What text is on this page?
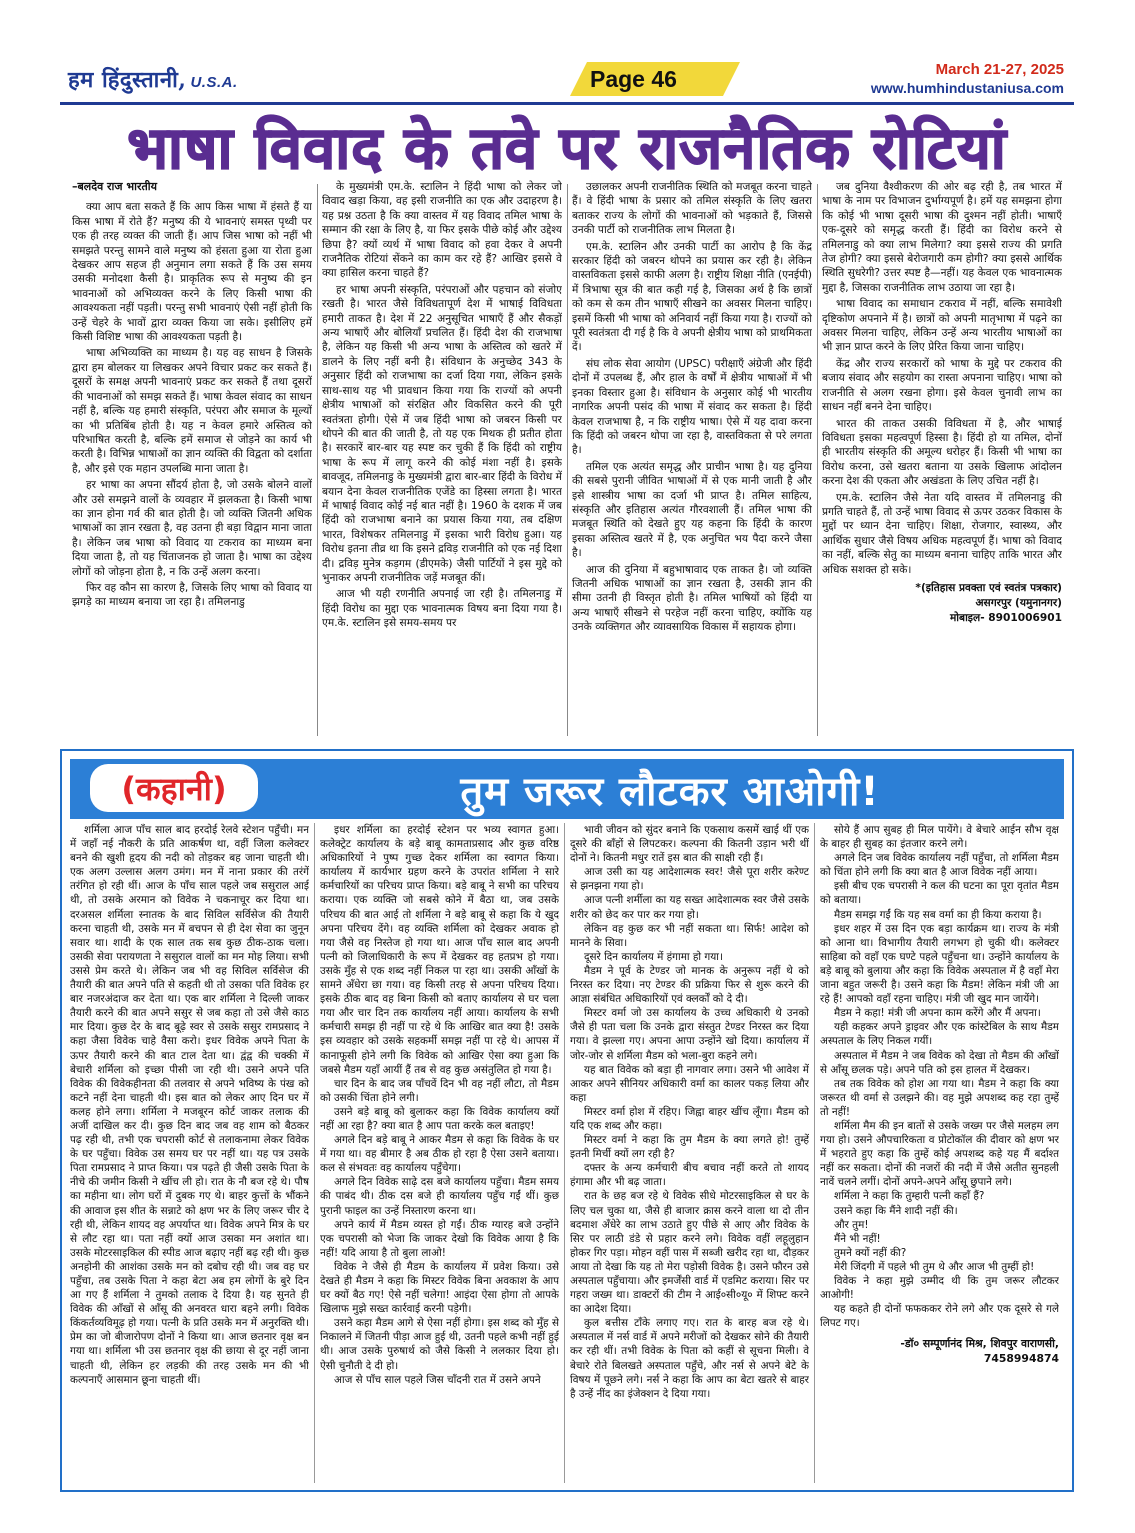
हम हिंदुस्तानी, U.S.A.	Page 46	March 21-27, 2025
www.humhindustaniusa.com
भाषा विवाद के तवे पर राजनैतिक रोटियां
–बलदेव राज भारतीय

क्या आप बता सकते हैं कि आप किस भाषा में हंसते हैं या किस भाषा में रोते हैं? मनुष्य की ये भावनाएं समस्त पृथ्वी पर एक ही तरह व्यक्त की जाती हैं। आप जिस भाषा को नहीं भी समझते परन्तु सामने वाले मनुष्य को हंसता हुआ या रोता हुआ देखकर आप सहज ही अनुमान लगा सकते हैं कि उस समय उसकी मनोदशा कैसी है। प्राकृतिक रूप से मनुष्य की इन भावनाओं को अभिव्यक्त करने के लिए किसी भाषा की आवश्यकता नहीं पड़ती। परन्तु सभी भावनाएं ऐसी नहीं होती कि उन्हें चेहरे के भावों द्वारा व्यक्त किया जा सके। इसीलिए हमें किसी विशिष्ट भाषा की आवश्यकता पड़ती है।

भाषा अभिव्यक्ति का माध्यम है। यह वह साधन है जिसके द्वारा हम बोलकर या लिखकर अपने विचार प्रकट कर सकते हैं। दूसरों के समक्ष अपनी भावनाएं प्रकट कर सकते हैं तथा दूसरों की भावनाओं को समझ सकते हैं। भाषा केवल संवाद का साधन नहीं है, बल्कि यह हमारी संस्कृति, परंपरा और समाज के मूल्यों का भी प्रतिबिंब होती है। यह न केवल हमारे अस्तित्व को परिभाषित करती है, बल्कि हमें समाज से जोड़ने का कार्य भी करती है। विभिन्न भाषाओं का ज्ञान व्यक्ति की विद्वता को दर्शाता है, और इसे एक महान उपलब्धि माना जाता है।

हर भाषा का अपना सौंदर्य होता है, जो उसके बोलने वालों और उसे समझने वालों के व्यवहार में झलकता है। किसी भाषा का ज्ञान होना गर्व की बात होती है। जो व्यक्ति जितनी अधिक भाषाओं का ज्ञान रखता है, वह उतना ही बड़ा विद्वान माना जाता है। लेकिन जब भाषा को विवाद या टकराव का माध्यम बना दिया जाता है, तो यह चिंताजनक हो जाता है। भाषा का उद्देश्य लोगों को जोड़ना होता है, न कि उन्हें अलग करना।

फिर वह कौन सा कारण है, जिसके लिए भाषा को विवाद या झगड़े का माध्यम बनाया जा रहा है। तमिलनाडु

के मुख्यमंत्री एम.के. स्टालिन ने हिंदी भाषा को लेकर जो विवाद खड़ा किया, वह इसी राजनीति का एक और उदाहरण है। यह प्रश्न उठता है कि क्या वास्तव में यह विवाद तमिल भाषा के सम्मान की रक्षा के लिए है, या फिर इसके पीछे कोई और उद्देश्य छिपा है? क्यों व्यर्थ में भाषा विवाद को हवा देकर वे अपनी राजनैतिक रोटियां सेंकने का काम कर रहे हैं? आखिर इससे वे क्या हासिल करना चाहते हैं?

हर भाषा अपनी संस्कृति, परंपराओं और पहचान को संजोए रखती है। भारत जैसे विविधतापूर्ण देश में भाषाई विविधता हमारी ताकत है। देश में 22 अनुसूचित भाषाएँ हैं और सैकड़ों अन्य भाषाएँ और बोलियाँ प्रचलित हैं। हिंदी देश की राजभाषा है, लेकिन यह किसी भी अन्य भाषा के अस्तित्व को खतरे में डालने के लिए नहीं बनी है। संविधान के अनुच्छेद 343 के अनुसार हिंदी को राजभाषा का दर्जा दिया गया, लेकिन इसके साथ-साथ यह भी प्रावधान किया गया कि राज्यों को अपनी क्षेत्रीय भाषाओं को संरक्षित और विकसित करने की पूरी स्वतंत्रता होगी। ऐसे में जब हिंदी भाषा को जबरन किसी पर थोपने की बात की जाती है, तो यह एक मिथक ही प्रतीत होता है। सरकारें बार-बार यह स्पष्ट कर चुकी हैं कि हिंदी को राष्ट्रीय भाषा के रूप में लागू करने की कोई मंशा नहीं है। इसके बावजूद, तमिलनाडु के मुख्यमंत्री द्वारा बार-बार हिंदी के विरोध में बयान देना केवल राजनीतिक एजेंडे का हिस्सा लगता है। भारत में भाषाई विवाद कोई नई बात नहीं है। 1960 के दशक में जब हिंदी को राजभाषा बनाने का प्रयास किया गया, तब दक्षिण भारत, विशेषकर तमिलनाडु में इसका भारी विरोध हुआ। यह विरोध इतना तीव्र था कि इसने द्रविड़ राजनीति को एक नई दिशा दी। द्रविड़ मुनेत्र कड़गम (डीएमके) जैसी पार्टियों ने इस मुद्दे को भुनाकर अपनी राजनीतिक जड़ें मजबूत कीं।

आज भी यही रणनीति अपनाई जा रही है। तमिलनाडु में हिंदी विरोध का मुद्दा एक भावनात्मक विषय बना दिया गया है। एम.के. स्टालिन इसे समय-समय पर

उछालकर अपनी राजनीतिक स्थिति को मजबूत करना चाहते हैं। वे हिंदी भाषा के प्रसार को तमिल संस्कृति के लिए खतरा बताकर राज्य के लोगों की भावनाओं को भड़काते हैं, जिससे उनकी पार्टी को राजनीतिक लाभ मिलता है।

एम.के. स्टालिन और उनकी पार्टी का आरोप है कि केंद्र सरकार हिंदी को जबरन थोपने का प्रयास कर रही है। लेकिन वास्तविकता इससे काफी अलग है। राष्ट्रीय शिक्षा नीति (एनईपी) में त्रिभाषा सूत्र की बात कही गई है, जिसका अर्थ है कि छात्रों को कम से कम तीन भाषाएँ सीखने का अवसर मिलना चाहिए। इसमें किसी भी भाषा को अनिवार्य नहीं किया गया है। राज्यों को पूरी स्वतंत्रता दी गई है कि वे अपनी क्षेत्रीय भाषा को प्राथमिकता दें।

संघ लोक सेवा आयोग (UPSC) परीक्षाएँ अंग्रेजी और हिंदी दोनों में उपलब्ध हैं, और हाल के वर्षों में क्षेत्रीय भाषाओं में भी इनका विस्तार हुआ है। संविधान के अनुसार कोई भी भारतीय नागरिक अपनी पसंद की भाषा में संवाद कर सकता है। हिंदी केवल राजभाषा है, न कि राष्ट्रीय भाषा। ऐसे में यह दावा करना कि हिंदी को जबरन थोपा जा रहा है, वास्तविकता से परे लगता है।

तमिल एक अत्यंत समृद्ध और प्राचीन भाषा है। यह दुनिया की सबसे पुरानी जीवित भाषाओं में से एक मानी जाती है और इसे शास्त्रीय भाषा का दर्जा भी प्राप्त है। तमिल साहित्य, संस्कृति और इतिहास अत्यंत गौरवशाली हैं। तमिल भाषा की मजबूत स्थिति को देखते हुए यह कहना कि हिंदी के कारण इसका अस्तित्व खतरे में है, एक अनुचित भय पैदा करने जैसा है।

आज की दुनिया में बहुभाषावाद एक ताकत है। जो व्यक्ति जितनी अधिक भाषाओं का ज्ञान रखता है, उसकी ज्ञान की सीमा उतनी ही विस्तृत होती है। तमिल भाषियों को हिंदी या अन्य भाषाएँ सीखने से परहेज नहीं करना चाहिए, क्योंकि यह उनके व्यक्तिगत और व्यावसायिक विकास में सहायक होगा।

जब दुनिया वैश्वीकरण की ओर बढ़ रही है, तब भारत में भाषा के नाम पर विभाजन दुर्भाग्यपूर्ण है। हमें यह समझना होगा कि कोई भी भाषा दूसरी भाषा की दुश्मन नहीं होती। भाषाएँ एक-दूसरे को समृद्ध करती हैं। हिंदी का विरोध करने से तमिलनाडु को क्या लाभ मिलेगा? क्या इससे राज्य की प्रगति तेज होगी? क्या इससे बेरोजगारी कम होगी? क्या इससे आर्थिक स्थिति सुधरेगी? उत्तर स्पष्ट है—नहीं। यह केवल एक भावनात्मक मुद्दा है, जिसका राजनीतिक लाभ उठाया जा रहा है।

भाषा विवाद का समाधान टकराव में नहीं, बल्कि समावेशी दृष्टिकोण अपनाने में है। छात्रों को अपनी मातृभाषा में पढ़ने का अवसर मिलना चाहिए, लेकिन उन्हें अन्य भारतीय भाषाओं का भी ज्ञान प्राप्त करने के लिए प्रेरित किया जाना चाहिए।

केंद्र और राज्य सरकारों को भाषा के मुद्दे पर टकराव की बजाय संवाद और सहयोग का रास्ता अपनाना चाहिए। भाषा को राजनीति से अलग रखना होगा। इसे केवल चुनावी लाभ का साधन नहीं बनने देना चाहिए।

भारत की ताकत उसकी विविधता में है, और भाषाई विविधता इसका महत्वपूर्ण हिस्सा है। हिंदी हो या तमिल, दोनों ही भारतीय संस्कृति की अमूल्य धरोहर हैं। किसी भी भाषा का विरोध करना, उसे खतरा बताना या उसके खिलाफ आंदोलन करना देश की एकता और अखंडता के लिए उचित नहीं है।

एम.के. स्टालिन जैसे नेता यदि वास्तव में तमिलनाडु की प्रगति चाहते हैं, तो उन्हें भाषा विवाद से ऊपर उठकर विकास के मुद्दों पर ध्यान देना चाहिए। शिक्षा, रोजगार, स्वास्थ्य, और आर्थिक सुधार जैसे विषय अधिक महत्वपूर्ण हैं। भाषा को विवाद का नहीं, बल्कि सेतु का माध्यम बनाना चाहिए ताकि भारत और अधिक सशक्त हो सके।

*(इतिहास प्रवक्ता एवं स्वतंत्र पत्रकार)
असगरपुर (यमुनानगर)
मोबाइल- 8901006901
(कहानी)	तुम जरूर लौटकर आओगी!

शर्मिला आज पाँच साल बाद हरदोई रेलवे स्टेशन पहुँची। मन में जहाँ नई नौकरी के प्रति आकर्षण था, वहीं जिला कलेक्टर बनने की खुशी हृदय की नदी को तोड़कर बह जाना चाहती थी। एक अलग उल्लास अलग उमंग। मन में नाना प्रकार की तरंगें तरंगित हो रही थीं। आज के पाँच साल पहले जब ससुराल आई थी, तो उसके अरमान को विवेक ने चकनाचूर कर दिया था। दरअसल शर्मिला स्नातक के बाद सिविल सर्विसेज की तैयारी करना चाहती थी, उसके मन में बचपन से ही देश सेवा का जुनून सवार था। शादी के एक साल तक सब कुछ ठीक-ठाक चला। उसकी सेवा परायणता ने ससुराल वालों का मन मोह लिया। सभी उससे प्रेम करते थे। लेकिन जब भी वह सिविल सर्विसेज की तैयारी की बात अपने पति से कहती थी तो उसका पति विवेक हर बार नजरअंदाज कर देता था। एक बार शर्मिला ने दिल्ली जाकर तैयारी करने की बात अपने ससुर से जब कहा तो उसे जैसे काठ मार दिया। कुछ देर के बाद बूढ़े स्वर से उसके ससुर रामप्रसाद ने कहा जैसा विवेक चाहे वैसा करो। इधर विवेक अपने पिता के ऊपर तैयारी करने की बात टाल देता था। द्वंद्व की चक्की में बेचारी शर्मिला को इच्छा पीसी जा रही थी। उसने अपने पति विवेक की विवेकहीनता की तलवार से अपने भविष्य के पंख को कटने नहीं देना चाहती थी। इस बात को लेकर आए दिन घर में कलह होने लगा। शर्मिला ने मजबूरन कोर्ट जाकर तलाक की अर्जी दाखिल कर दी। कुछ दिन बाद जब वह शाम को बैठकर पढ़ रही थी, तभी एक चपरासी कोर्ट से तलाकनामा लेकर विवेक के घर पहुँचा। विवेक उस समय घर पर नहीं था। यह पत्र उसके पिता रामप्रसाद ने प्राप्त किया। पत्र पढ़ते ही जैसी उसके पिता के नीचे की जमीन किसी ने खींच ली हो। रात के नौ बज रहे थे। पौष का महीना था। लोग घरों में दुबक गए थे। बाहर कुत्तों के भौंकने की आवाज इस शीत के सन्नाटे को क्षण भर के लिए जरूर चीर दे रही थी, लेकिन शायद वह अपर्याप्त था। विवेक अपने मित्र के घर से लौट रहा था। पता नहीं क्यों आज उसका मन अशांत था। उसके मोटरसाइकिल की स्पीड आज बढ़ाए नहीं बढ़ रही थी। कुछ अनहोनी की आशंका उसके मन को दबोच रही थी। जब वह घर पहुँचा, तब उसके पिता ने कहा बेटा अब हम लोगों के बुरे दिन आ गए हैं शर्मिला ने तुमको तलाक दे दिया है। यह सुनते ही विवेक की आँखों से आँसू की अनवरत धारा बहने लगी। विवेक किंकर्तव्यविमूढ़ हो गया। पत्नी के प्रति उसके मन में अनुरक्ति थी। प्रेम का जो बीजारोपण दोनों ने किया था। आज छतनार वृक्ष बन गया था। शर्मिला भी उस छतनार वृक्ष की छाया से दूर नहीं जाना चाहती थी, लेकिन हर लड़की की तरह उसके मन की भी कल्पनाएँ आसमान छूना चाहती थीं।

इधर शर्मिला का हरदोई स्टेशन पर भव्य स्वागत हुआ। कलेक्ट्रेट कार्यालय के बड़े बाबू कामताप्रसाद और कुछ वरिष्ठ अधिकारियों ने पुष्प गुच्छ देकर शर्मिला का स्वागत किया। कार्यालय में कार्यभार ग्रहण करने के उपरांत शर्मिला ने सारे कर्मचारियों का परिचय प्राप्त किया। बड़े बाबू ने सभी का परिचय कराया। एक व्यक्ति जो सबसे कोने में बैठा था, जब उसके परिचय की बात आई तो शर्मिला ने बड़े बाबू से कहा कि ये खुद अपना परिचय देंगे। वह व्यक्ति शर्मिला को देखकर अवाक हो गया जैसे वह निस्तेज हो गया था। आज पाँच साल बाद अपनी पत्नी को जिलाधिकारी के रूप में देखकर वह हतप्रभ हो गया। उसके मुँह से एक शब्द नहीं निकल पा रहा था। उसकी आँखों के सामने अँधेरा छा गया। वह किसी तरह से अपना परिचय दिया। इसके ठीक बाद वह बिना किसी को बताए कार्यालय से घर चला गया और चार दिन तक कार्यालय नहीं आया। कार्यालय के सभी कर्मचारी समझ ही नहीं पा रहे थे कि आखिर बात क्या है! उसके इस व्यवहार को उसके सहकर्मी समझ नहीं पा रहे थे। आपस में कानाफूसी होने लगी कि विवेक को आखिर ऐसा क्या हुआ कि जबसे मैडम यहाँ आयीं हैं तब से वह कुछ असंतुलित हो गया है।

चार दिन के बाद जब पाँचवें दिन भी वह नहीं लौटा, तो मैडम को उसकी चिंता होने लगी।

उसने बड़े बाबू को बुलाकर कहा कि विवेक कार्यालय क्यों नहीं आ रहा है? क्या बात है आप पता करके कल बताइए!

अगले दिन बड़े बाबू ने आकर मैडम से कहा कि विवेक के घर में गया था। वह बीमार है अब ठीक हो रहा है ऐसा उसने बताया। कल से संभवतः वह कार्यालय पहुँचेगा।

अगले दिन विवेक साढ़े दस बजे कार्यालय पहुँचा। मैडम समय की पाबंद थी। ठीक दस बजे ही कार्यालय पहुँच गईं थीं। कुछ पुरानी फाइल का उन्हें निस्तारण करना था।

अपने कार्य में मैडम व्यस्त हो गईं। ठीक ग्यारह बजे उन्होंने एक चपरासी को भेजा कि जाकर देखो कि विवेक आया है कि नहीं! यदि आया है तो बुला लाओ!

विवेक ने जैसे ही मैडम के कार्यालय में प्रवेश किया। उसे देखते ही मैडम ने कहा कि मिस्टर विवेक बिना अवकाश के आप घर क्यों बैठ गए! ऐसे नहीं चलेगा! आइंदा ऐसा होगा तो आपके खिलाफ मुझे सख्त कार्रवाई करनी पड़ेगी।

उसने कहा मैडम आगे से ऐसा नहीं होगा। इस शब्द को मुँह से निकालने में जितनी पीड़ा आज हुई थी, उतनी पहले कभी नहीं हुई थी। आज उसके पुरुषार्थ को जैसे किसी ने ललकार दिया हो। ऐसी चुनौती दे दी हो।

आज से पाँच साल पहले जिस चाँदनी रात में उसने अपने

भावी जीवन को सुंदर बनाने कि एकसाथ कसमें खाई थीं एक दूसरे की बाँहों से लिपटकर। कल्पना की कितनी उड़ान भरी थीं दोनों ने। कितनी मधुर रातें इस बात की साक्षी रही हैं।

आज उसी का यह आदेशात्मक स्वर! जैसे पूरा शरीर करेण्ट से झनझना गया हो।

आज पत्नी शर्मीला का यह सख्त आदेशात्मक स्वर जैसे उसके शरीर को छेद कर पार कर गया हो।

लेकिन वह कुछ कर भी नहीं सकता था। सिर्फ! आदेश को मानने के सिवा।

दूसरे दिन कार्यालय में हंगामा हो गया।

मैडम ने पूर्व के टेण्डर जो मानक के अनुरूप नहीं थे को निरस्त कर दिया। नए टेण्डर की प्रक्रिया फिर से शुरू करने की आज्ञा संबंधित अधिकारियों एवं क्लर्कों को दे दी।

मिस्टर वर्मा जो उस कार्यालय के उच्च अधिकारी थे उनको जैसे ही पता चला कि उनके द्वारा संस्तुत टेण्डर निरस्त कर दिया गया। वे झल्ला गए। अपना आपा उन्होंने खो दिया। कार्यालय में जोर-जोर से शर्मिला मैडम को भला-बुरा कहने लगे।

यह बात विवेक को बड़ा ही नागवार लगा। उसने भी आवेश में आकर अपने सीनियर अधिकारी वर्मा का कालर पकड़ लिया और कहा

मिस्टर वर्मा होश में रहिए। जिह्वा बाहर खींच लूँगा। मैडम को यदि एक शब्द और कहा।

मिस्टर वर्मा ने कहा कि तुम मैडम के क्या लगते हो! तुम्हें इतनी मिर्ची क्यों लग रही है?

दफ्तर के अन्य कर्मचारी बीच बचाव नहीं करते तो शायद हंगामा और भी बढ़ जाता।

रात के छह बज रहे थे विवेक सीधे मोटरसाइकिल से घर के लिए चल चुका था, जैसे ही बाजार क्रास करने वाला था दो तीन बदमाश अँधेरे का लाभ उठाते हुए पीछे से आए और विवेक के सिर पर लाठी डंडे से प्रहार करने लगे। विवेक वहीं लहूलुहान होकर गिर पड़ा। मोहन वहीं पास में सब्जी खरीद रहा था, दौड़कर आया तो देखा कि यह तो मेरा पड़ोसी विवेक है। उसने फौरन उसे अस्पताल पहुँचाया। और इमर्जेंसी वार्ड में एडमिट कराया। सिर पर गहरा जख्म था। डाक्टरों की टीम ने आई०सी०यू० में शिफ्ट करने का आदेश दिया।

कुल बत्तीस टाँके लगाए गए। रात के बारह बज रहे थे। अस्पताल में नर्स वार्ड में अपने मरीजों को देखकर सोने की तैयारी कर रही थीं। तभी विवेक के पिता को कहीं से सूचना मिली। वे बेचारे रोते बिलखते अस्पताल पहुँचे, और नर्स से अपने बेटे के विषय में पूछने लगे। नर्स ने कहा कि आप का बेटा खतरे से बाहर है उन्हें नींद का इंजेक्शन दे दिया गया।

सोये हैं आप सुबह ही मिल पायेंगे। वे बेचारे आईन सौभ वृक्ष के बाहर ही सुबह का इंतजार करने लगे।

अगले दिन जब विवेक कार्यालय नहीं पहुँचा, तो शर्मिला मैडम को चिंता होने लगी कि क्या बात है आज विवेक नहीं आया।

इसी बीच एक चपरासी ने कल की घटना का पूरा वृतांत मैडम को बताया।

मैडम समझ गईं कि यह सब वर्मा का ही किया कराया है।

इधर शहर में उस दिन एक बड़ा कार्यक्रम था। राज्य के मंत्री को आना था। विभागीय तैयारी लगभग हो चुकी थी। कलेक्टर साहिबा को वहाँ एक घण्टे पहले पहुँचना था। उन्होंने कार्यालय के बड़े बाबू को बुलाया और कहा कि विवेक अस्पताल में है वहाँ मेरा जाना बहुत जरूरी है। उसने कहा कि मैडम! लेकिन मंत्री जी आ रहे हैं! आपको वहाँ रहना चाहिए। मंत्री जी खुद मान जायेंगे।

मैडम ने कहा! मंत्री जी अपना काम करेंगे और मैं अपना।

यही कहकर अपने ड्राइवर और एक कांस्टेबिल के साथ मैडम अस्पताल के लिए निकल गयीं।

अस्पताल में मैडम ने जब विवेक को देखा तो मैडम की आँखों से आँसू छलक पड़े। अपने पति को इस हालत में देखकर।

तब तक विवेक को होश आ गया था। मैडम ने कहा कि क्या जरूरत थी वर्मा से उलझने की। वह मुझे अपशब्द कह रहा तुम्हें तो नहीं!

शर्मिला मैम की इन बातों से उसके जख्म पर जैसे मलहम लग गया हो। उसने औपचारिकता व प्रोटोकॉल की दीवार को क्षण भर में भहराते हुए कहा कि तुम्हें कोई अपशब्द कहे यह मैं बर्दाश्त नहीं कर सकता। दोनों की नजरों की नदी में जैसे अतीत सुनहली नावें चलने लगीं। दोनों अपने-अपने आँसू छुपाने लगे।

शर्मिला ने कहा कि तुम्हारी पत्नी कहाँ हैं?

उसने कहा कि मैंने शादी नहीं की।

और तुम!

मैंने भी नहीं!

तुमने क्यों नहीं की?

मेरी जिंदगी में पहले भी तुम थे और आज भी तुम्हीं हो!

विवेक ने कहा मुझे उम्मीद थी कि तुम जरूर लौटकर आओगी!

यह कहते ही दोनों फफककर रोने लगे और एक दूसरे से गले लिपट गए।

-डॉ० सम्पूर्णानंद मिश्र, शिवपुर वाराणसी,
7458994874
